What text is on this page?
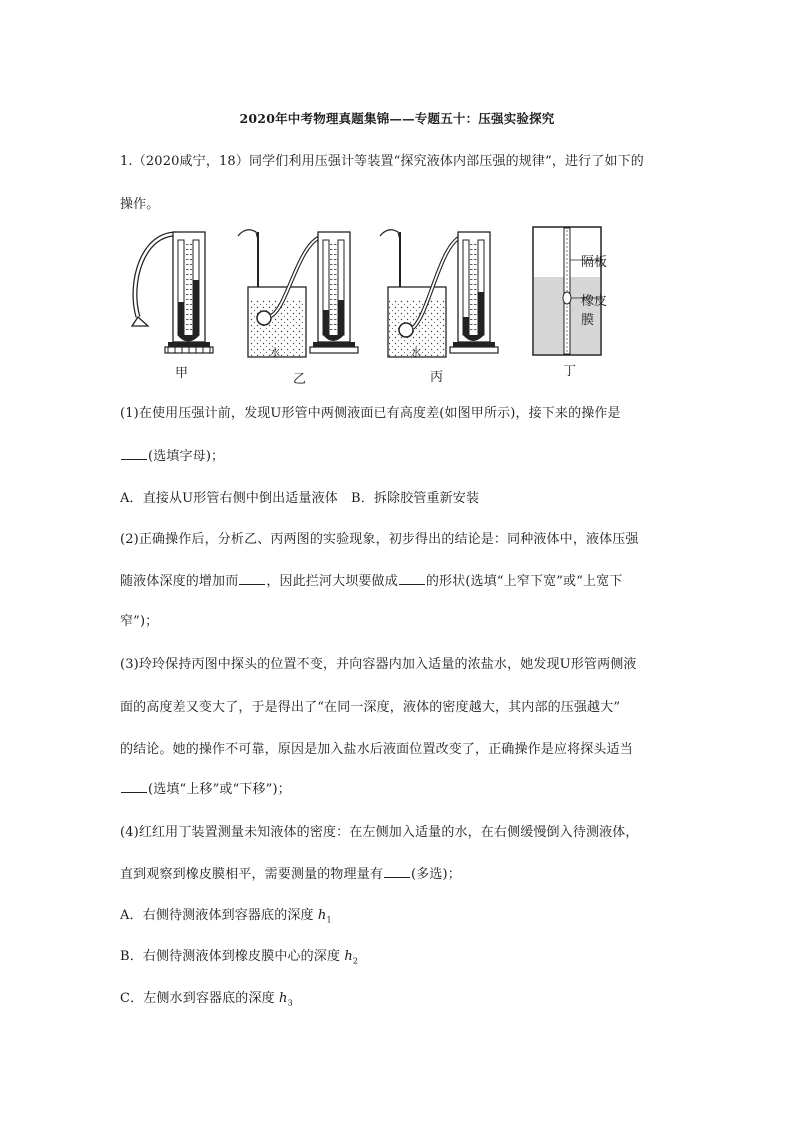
2020年中考物理真题集锦——专题五十：压强实验探究
1.（2020咸宁，18）同学们利用压强计等装置“探究液体内部压强的规律”，进行了如下的
操作。
隔板
橡皮膜
水	水
甲	乙	丙	丁
(1)在使用压强计前，发现U形管中两侧液面已有高度差(如图甲所示)，接下来的操作是
(选填字母)；
A．直接从U形管右侧中倒出适量液体　B．拆除胶管重新安装
(2)正确操作后，分析乙、丙两图的实验现象，初步得出的结论是：同种液体中，液体压强
随液体深度的增加而 ，因此拦河大坝要做成 的形状(选填“上窄下宽”或“上宽下
窄”)；
(3)玲玲保持丙图中探头的位置不变，并向容器内加入适量的浓盐水，她发现U形管两侧液
面的高度差又变大了，于是得出了“在同一深度，液体的密度越大，其内部的压强越大”
的结论。她的操作不可靠，原因是加入盐水后液面位置改变了，正确操作是应将探头适当
(选填“上移”或“下移”)；
(4)红红用丁装置测量未知液体的密度：在左侧加入适量的水，在右侧缓慢倒入待测液体，
直到观察到橡皮膜相平，需要测量的物理量有 (多选)；
A．右侧待测液体到容器底的深度 $h_1$
B．右侧待测液体到橡皮膜中心的深度 $h_2$
C．左侧水到容器底的深度 $h_3$
